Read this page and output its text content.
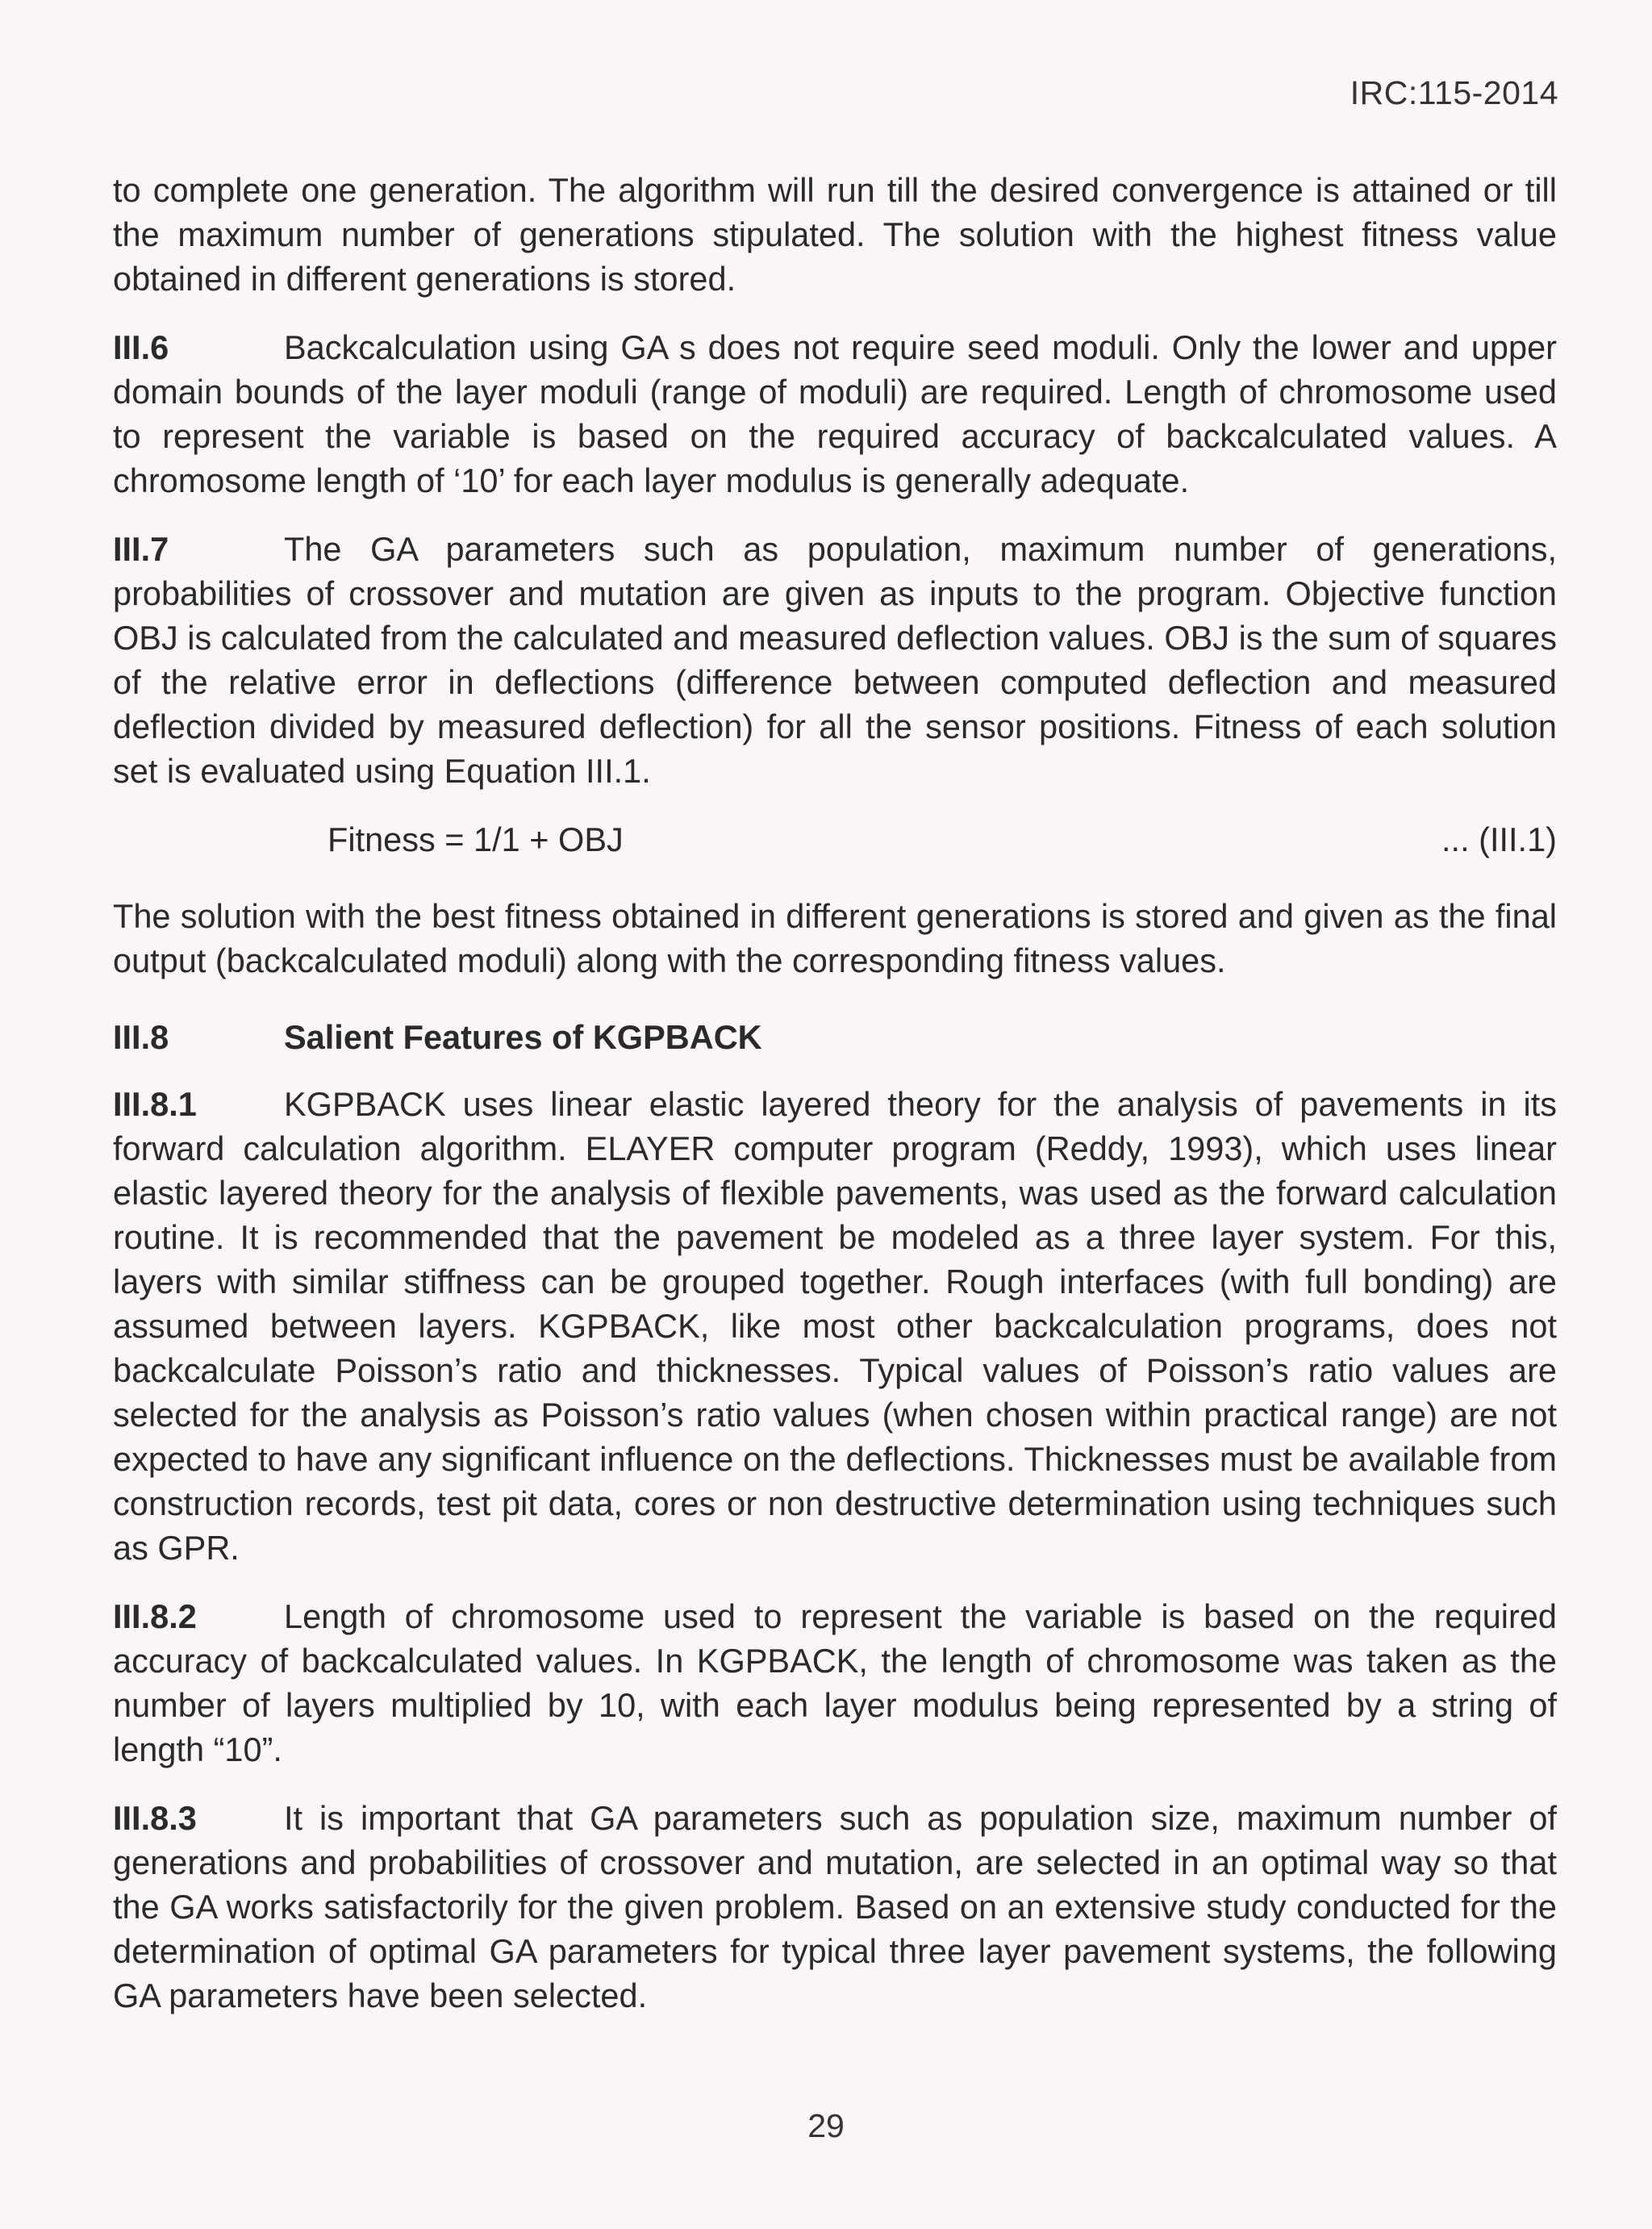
IRC:115-2014

to complete one generation. The algorithm will run till the desired convergence is attained or till the maximum number of generations stipulated. The solution with the highest fitness value obtained in different generations is stored.

III.6	Backcalculation using GA s does not require seed moduli. Only the lower and upper domain bounds of the layer moduli (range of moduli) are required. Length of chromosome used to represent the variable is based on the required accuracy of backcalculated values. A chromosome length of ‘10’ for each layer modulus is generally adequate.

III.7	The GA parameters such as population, maximum number of generations, probabilities of crossover and mutation are given as inputs to the program. Objective function OBJ is calculated from the calculated and measured deflection values. OBJ is the sum of squares of the relative error in deflections (difference between computed deflection and measured deflection divided by measured deflection) for all the sensor positions. Fitness of each solution set is evaluated using Equation III.1.

Fitness = 1/1 + OBJ	... (III.1)

The solution with the best fitness obtained in different generations is stored and given as the final output (backcalculated moduli) along with the corresponding fitness values.

III.8	Salient Features of KGPBACK

III.8.1	KGPBACK uses linear elastic layered theory for the analysis of pavements in its forward calculation algorithm. ELAYER computer program (Reddy, 1993), which uses linear elastic layered theory for the analysis of flexible pavements, was used as the forward calculation routine. It is recommended that the pavement be modeled as a three layer system. For this, layers with similar stiffness can be grouped together. Rough interfaces (with full bonding) are assumed between layers. KGPBACK, like most other backcalculation programs, does not backcalculate Poisson’s ratio and thicknesses. Typical values of Poisson’s ratio values are selected for the analysis as Poisson’s ratio values (when chosen within practical range) are not expected to have any significant influence on the deflections. Thicknesses must be available from construction records, test pit data, cores or non destructive determination using techniques such as GPR.

III.8.2	Length of chromosome used to represent the variable is based on the required accuracy of backcalculated values. In KGPBACK, the length of chromosome was taken as the number of layers multiplied by 10, with each layer modulus being represented by a string of length “10”.

III.8.3	It is important that GA parameters such as population size, maximum number of generations and probabilities of crossover and mutation, are selected in an optimal way so that the GA works satisfactorily for the given problem. Based on an extensive study conducted for the determination of optimal GA parameters for typical three layer pavement systems, the following GA parameters have been selected.

29
